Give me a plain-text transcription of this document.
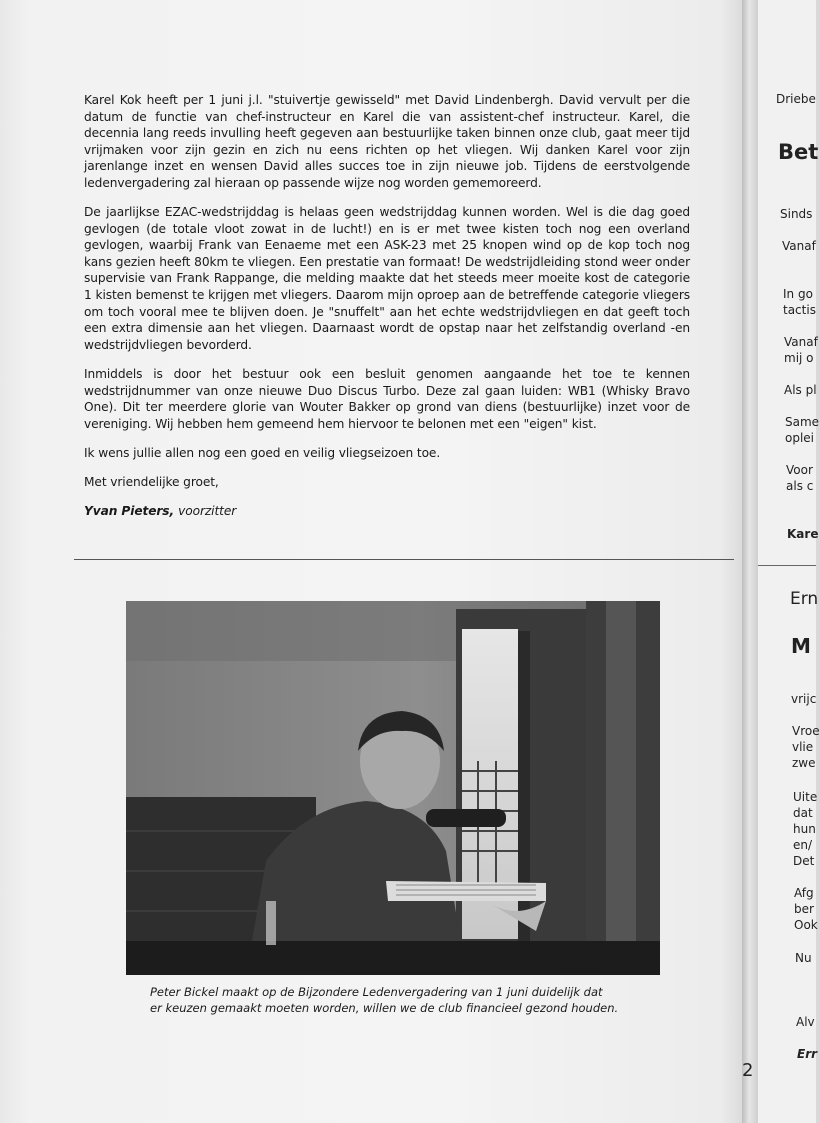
Karel Kok heeft per 1 juni j.l. "stuivertje gewisseld" met David Lindenbergh. David vervult per die datum de functie van chef-instructeur en Karel die van assistent-chef instructeur. Karel, die decennia lang reeds invulling heeft gegeven aan bestuurlijke taken binnen onze club, gaat meer tijd vrijmaken voor zijn gezin en zich nu eens richten op het vliegen. Wij danken Karel voor zijn jarenlange inzet en wensen David alles succes toe in zijn nieuwe job. Tijdens de eerstvolgende ledenvergadering zal hieraan op passende wijze nog worden gememoreerd.

De jaarlijkse EZAC-wedstrijddag is helaas geen wedstrijddag kunnen worden. Wel is die dag goed gevlogen (de totale vloot zowat in de lucht!) en is er met twee kisten toch nog een overland gevlogen, waarbij Frank van Eenaeme met een ASK-23 met 25 knopen wind op de kop toch nog kans gezien heeft 80km te vliegen. Een prestatie van formaat! De wedstrijdleiding stond weer onder supervisie van Frank Rappange, die melding maakte dat het steeds meer moeite kost de categorie 1 kisten bemenst te krijgen met vliegers. Daarom mijn oproep aan de betreffende categorie vliegers om toch vooral mee te blijven doen. Je "snuffelt" aan het echte wedstrijdvliegen en dat geeft toch een extra dimensie aan het vliegen. Daarnaast wordt de opstap naar het zelfstandig overland -en wedstrijdvliegen bevorderd.

Inmiddels is door het bestuur ook een besluit genomen aangaande het toe te kennen wedstrijdnummer van onze nieuwe Duo Discus Turbo. Deze zal gaan luiden: WB1 (Whisky Bravo One). Dit ter meerdere glorie van Wouter Bakker op grond van diens (bestuurlijke) inzet voor de vereniging. Wij hebben hem gemeend hem hiervoor te belonen met een "eigen" kist.

Ik wens jullie allen nog een goed en veilig vliegseizoen toe.

Met vriendelijke groet,

Yvan Pieters, voorzitter
Peter Bickel maakt op de Bijzondere Ledenvergadering van 1 juni duidelijk dat
er keuzen gemaakt moeten worden, willen we de club financieel gezond houden.
2
Driebe
Bet
Sinds
Vanaf
In go
tactis
Vanaf
mij o
Als pl
Same
oplei
Voor
als c
Kare
Ern
M
vrijc
Vroe
vlie
zwe
Uite
dat
hun
en/
Det
Afg
ber
Ook
Nu
Alv
Err
